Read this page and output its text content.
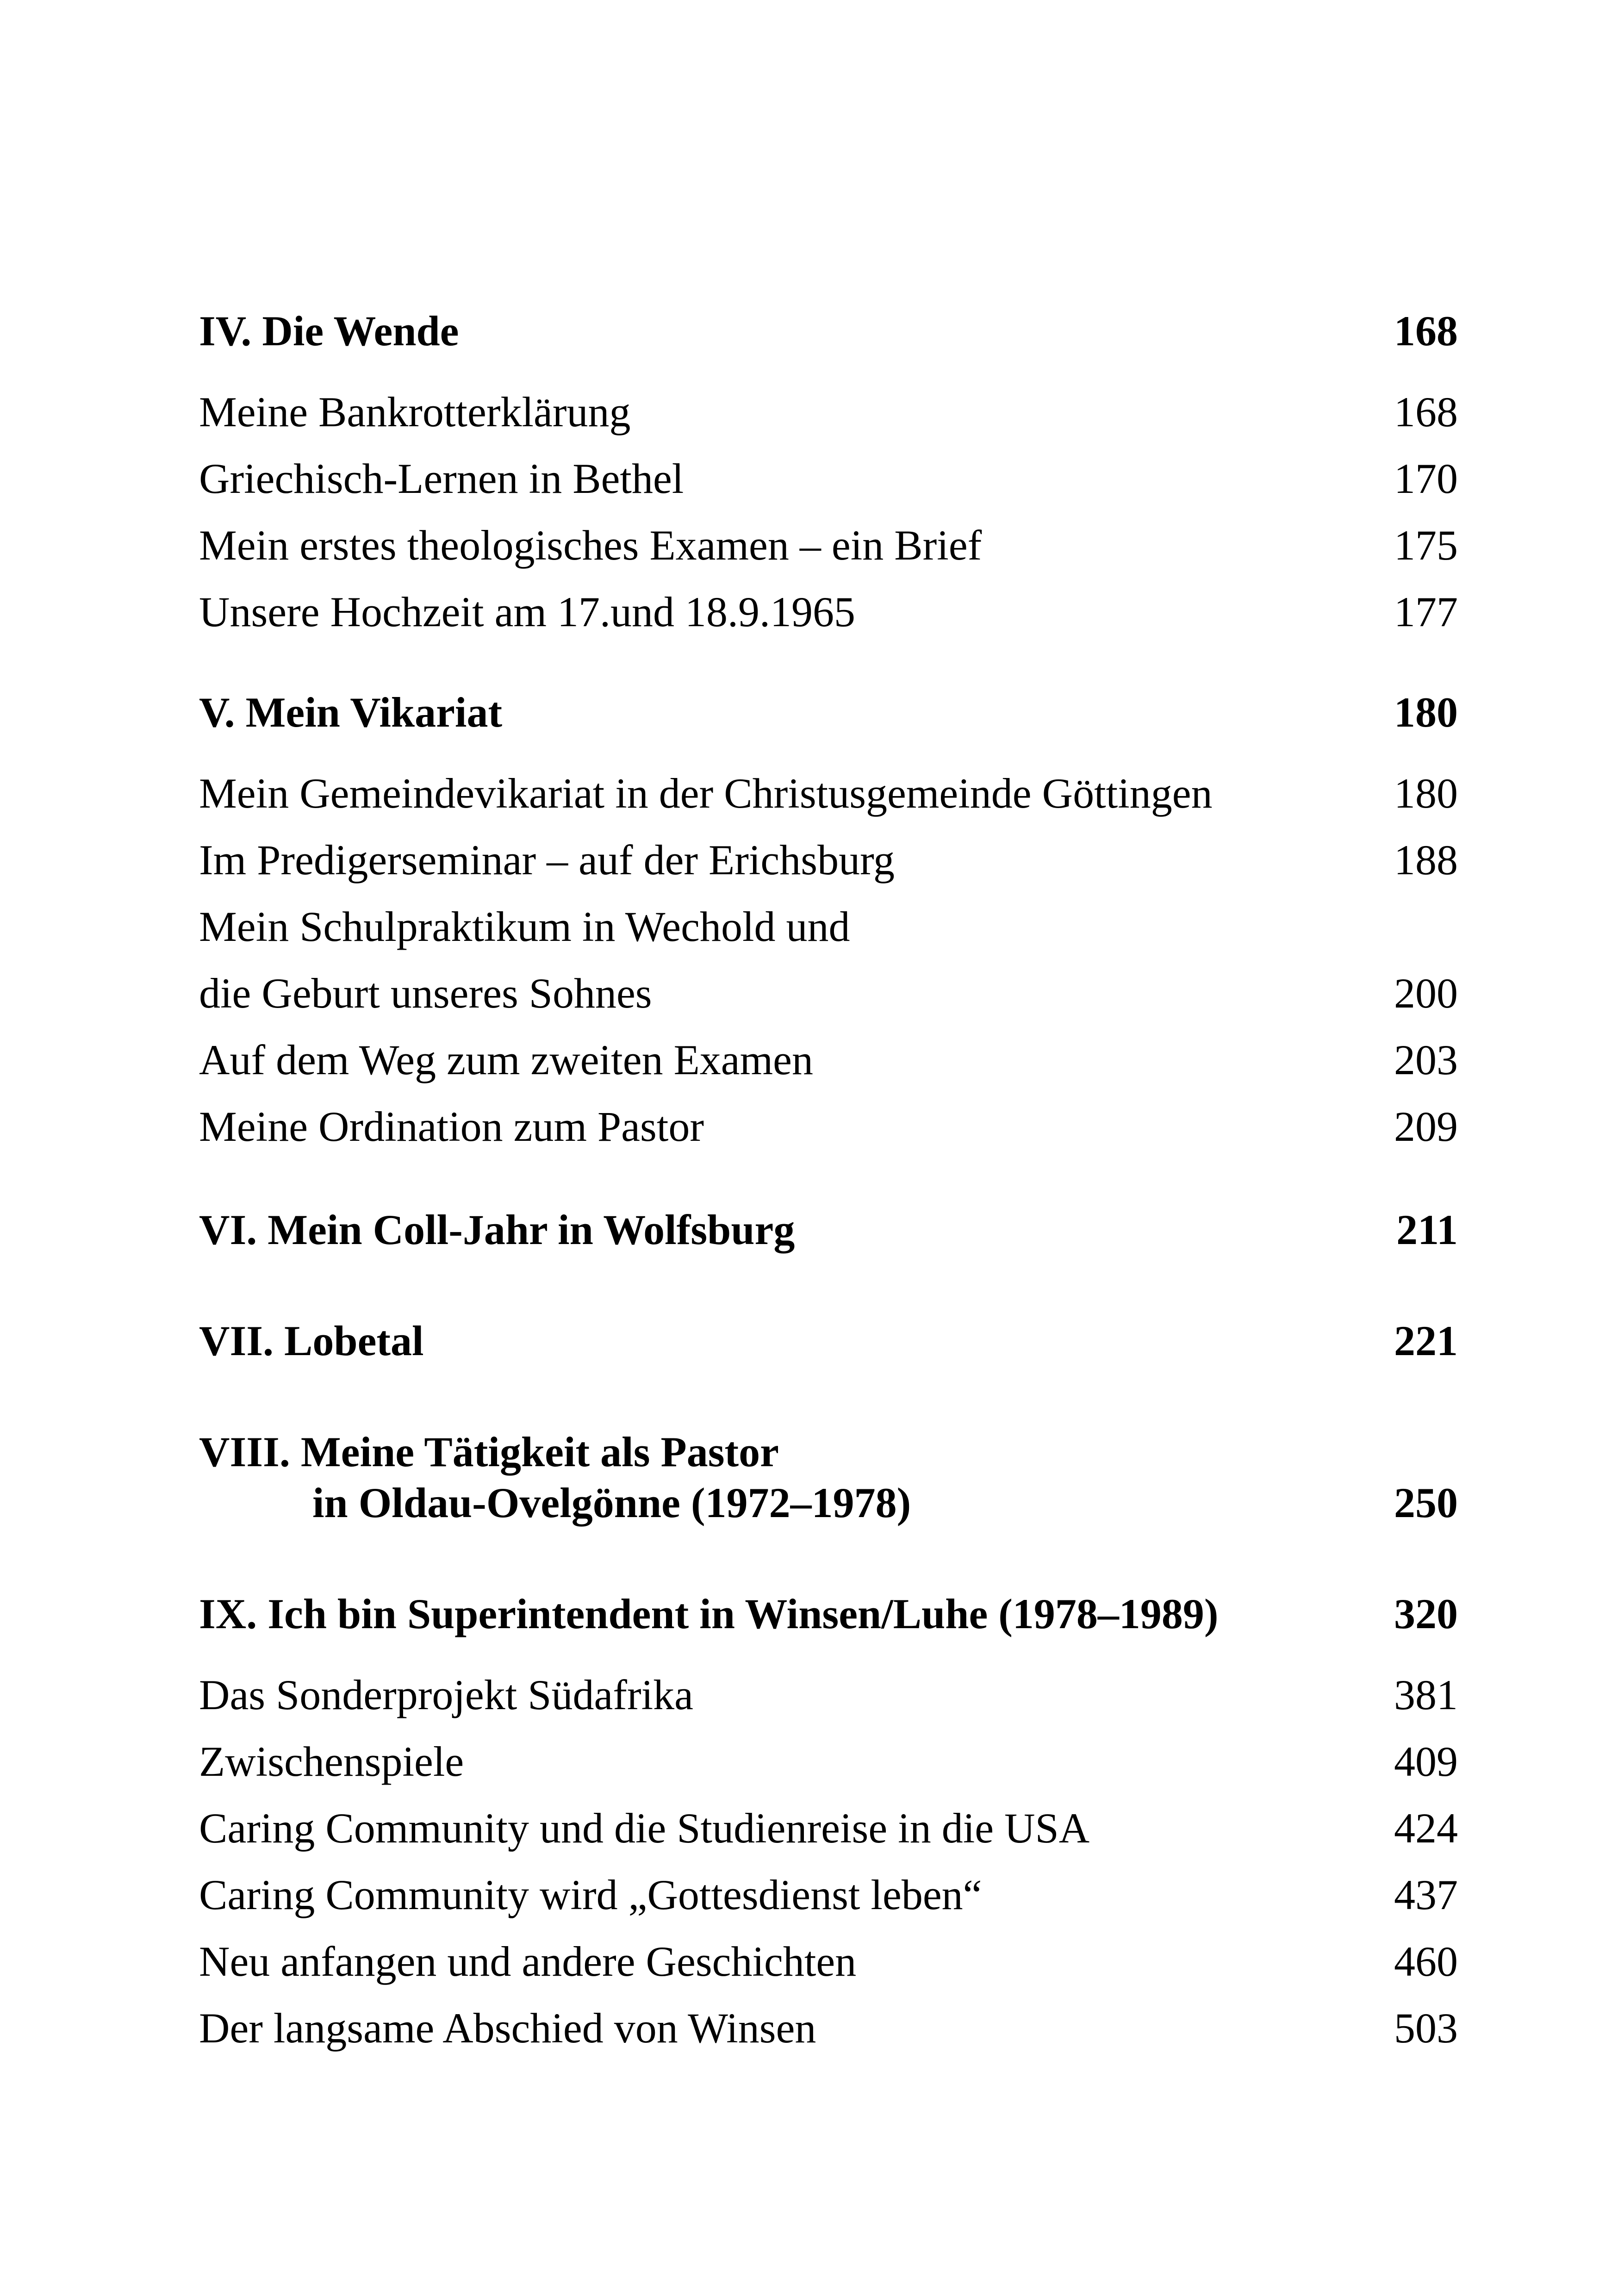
IV. Die Wende	168
Meine Bankrotterklärung	168
Griechisch-Lernen in Bethel	170
Mein erstes theologisches Examen – ein Brief	175
Unsere Hochzeit am 17.und 18.9.1965	177
V. Mein Vikariat	180
Mein Gemeindevikariat in der Christusgemeinde Göttingen	180
Im Predigerseminar – auf der Erichsburg	188
Mein Schulpraktikum in Wechold und
die Geburt unseres Sohnes	200
Auf dem Weg zum zweiten Examen	203
Meine Ordination zum Pastor	209
VI. Mein Coll-Jahr in Wolfsburg	211
VII. Lobetal	221
VIII. Meine Tätigkeit als Pastor
in Oldau-Ovelgönne (1972–1978)	250
IX. Ich bin Superintendent in Winsen/Luhe (1978–1989)	320
Das Sonderprojekt Südafrika	381
Zwischenspiele	409
Caring Community und die Studienreise in die USA	424
Caring Community wird „Gottesdienst leben“	437
Neu anfangen und andere Geschichten	460
Der langsame Abschied von Winsen	503
